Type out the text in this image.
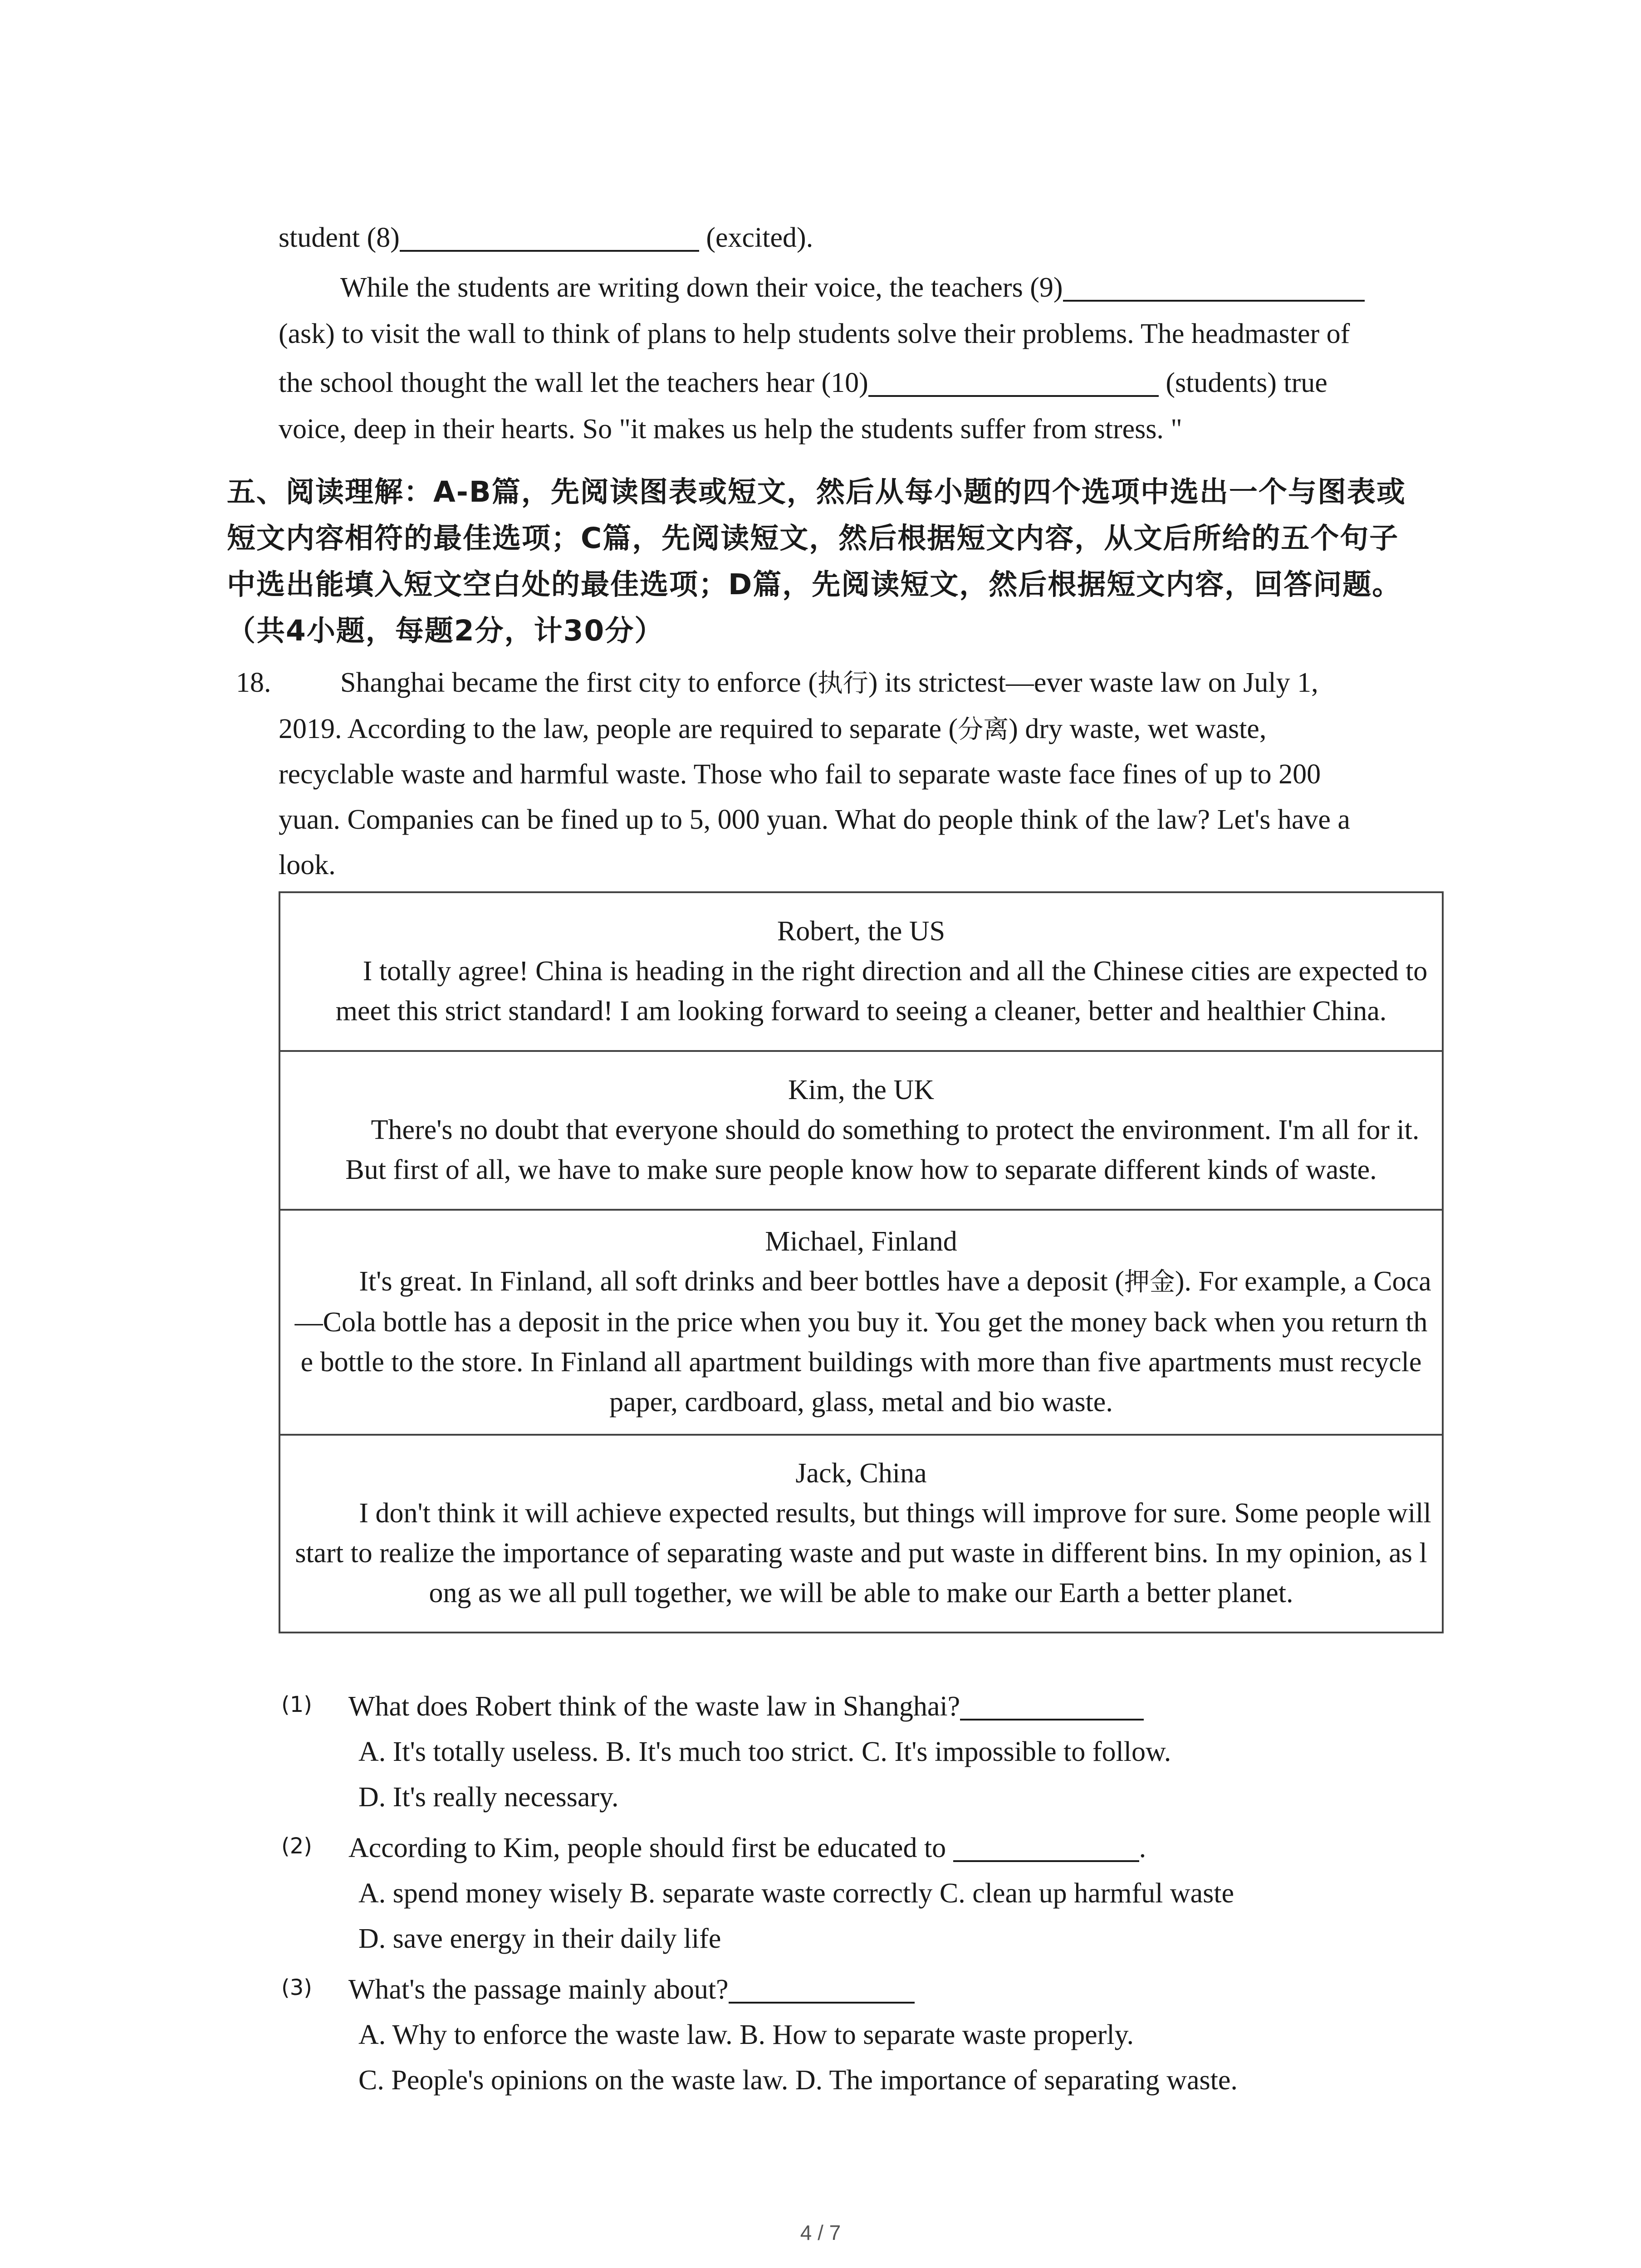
student (8)	(excited).
While the students are writing down their voice, the teachers (9)
(ask) to visit the wall to think of plans to help students solve their problems. The headmaster of
the school thought the wall let the teachers hear (10)	(students) true
voice, deep in their hearts. So "it makes us help the students suffer from stress. "
五、阅读理解：A-B篇，先阅读图表或短文，然后从每小题的四个选项中选出一个与图表或
短文内容相符的最佳选项；C篇，先阅读短文，然后根据短文内容，从文后所给的五个句子
中选出能填入短文空白处的最佳选项；D篇，先阅读短文，然后根据短文内容，回答问题。
（共4小题，每题2分，计30分）
18. Shanghai became the first city to enforce (执行) its strictest—ever waste law on July 1,
2019. According to the law, people are required to separate (分离) dry waste, wet waste,
recyclable waste and harmful waste. Those who fail to separate waste face fines of up to 200
yuan. Companies can be fined up to 5, 000 yuan. What do people think of the law? Let's have a
look.
Robert, the US
I totally agree! China is heading in the right direction and all the Chinese cities are expected to meet this strict standard! I am looking forward to seeing a cleaner, better and healthier China.

Kim, the UK
There's no doubt that everyone should do something to protect the environment. I'm all for it. But first of all, we have to make sure people know how to separate different kinds of waste.

Michael, Finland
It's great. In Finland, all soft drinks and beer bottles have a deposit (押金). For example, a Coca—Cola bottle has a deposit in the price when you buy it. You get the money back when you return the bottle to the store. In Finland all apartment buildings with more than five apartments must recycle paper, cardboard, glass, metal and bio waste.

Jack, China
I don't think it will achieve expected results, but things will improve for sure. Some people will start to realize the importance of separating waste and put waste in different bins. In my opinion, as long as we all pull together, we will be able to make our Earth a better planet.
(1) What does Robert think of the waste law in Shanghai?
A. It's totally useless. B. It's much too strict. C. It's impossible to follow.
D. It's really necessary.
(2) According to Kim, people should first be educated to	.
A. spend money wisely B. separate waste correctly C. clean up harmful waste
D. save energy in their daily life
(3) What's the passage mainly about?
A. Why to enforce the waste law. B. How to separate waste properly.
C. People's opinions on the waste law. D. The importance of separating waste.
4 / 7
